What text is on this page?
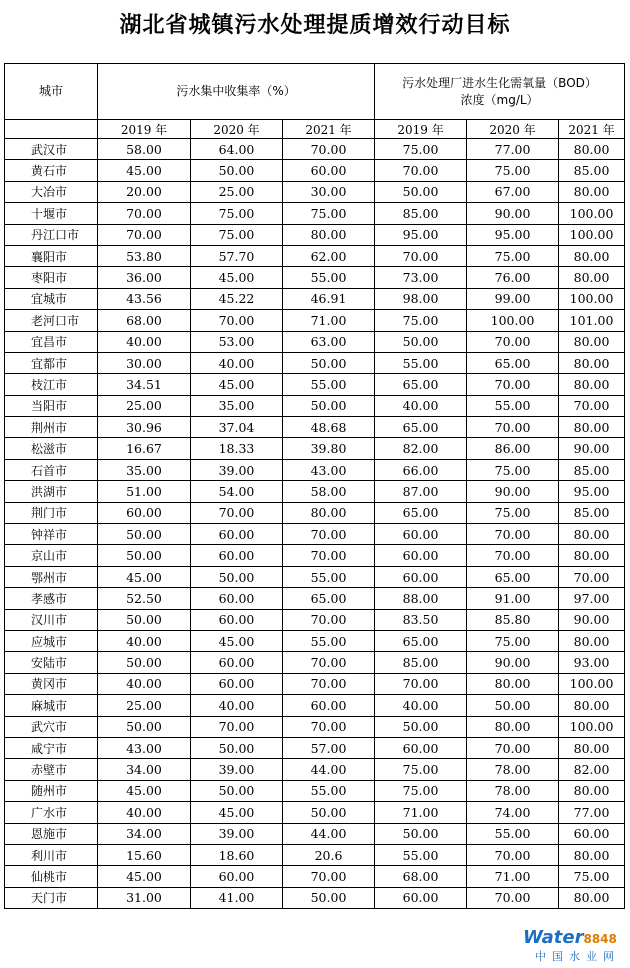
湖北省城镇污水处理提质增效行动目标
城市	污水集中收集率（%）			污水处理厂进水生化需氧量（BOD）
浓度（mg/L）		
	2019 年	2020 年	2021 年	2019 年	2020 年	2021 年
武汉市	58.00	64.00	70.00	75.00	77.00	80.00
黄石市	45.00	50.00	60.00	70.00	75.00	85.00
大冶市	20.00	25.00	30.00	50.00	67.00	80.00
十堰市	70.00	75.00	75.00	85.00	90.00	100.00
丹江口市	70.00	75.00	80.00	95.00	95.00	100.00
襄阳市	53.80	57.70	62.00	70.00	75.00	80.00
枣阳市	36.00	45.00	55.00	73.00	76.00	80.00
宜城市	43.56	45.22	46.91	98.00	99.00	100.00
老河口市	68.00	70.00	71.00	75.00	100.00	101.00
宜昌市	40.00	53.00	63.00	50.00	70.00	80.00
宜都市	30.00	40.00	50.00	55.00	65.00	80.00
枝江市	34.51	45.00	55.00	65.00	70.00	80.00
当阳市	25.00	35.00	50.00	40.00	55.00	70.00
荆州市	30.96	37.04	48.68	65.00	70.00	80.00
松滋市	16.67	18.33	39.80	82.00	86.00	90.00
石首市	35.00	39.00	43.00	66.00	75.00	85.00
洪湖市	51.00	54.00	58.00	87.00	90.00	95.00
荆门市	60.00	70.00	80.00	65.00	75.00	85.00
钟祥市	50.00	60.00	70.00	60.00	70.00	80.00
京山市	50.00	60.00	70.00	60.00	70.00	80.00
鄂州市	45.00	50.00	55.00	60.00	65.00	70.00
孝感市	52.50	60.00	65.00	88.00	91.00	97.00
汉川市	50.00	60.00	70.00	83.50	85.80	90.00
应城市	40.00	45.00	55.00	65.00	75.00	80.00
安陆市	50.00	60.00	70.00	85.00	90.00	93.00
黄冈市	40.00	60.00	70.00	70.00	80.00	100.00
麻城市	25.00	40.00	60.00	40.00	50.00	80.00
武穴市	50.00	70.00	70.00	50.00	80.00	100.00
咸宁市	43.00	50.00	57.00	60.00	70.00	80.00
赤壁市	34.00	39.00	44.00	75.00	78.00	82.00
随州市	45.00	50.00	55.00	75.00	78.00	80.00
广水市	40.00	45.00	50.00	71.00	74.00	77.00
恩施市	34.00	39.00	44.00	50.00	55.00	60.00
利川市	15.60	18.60	20.6	55.00	70.00	80.00
仙桃市	45.00	60.00	70.00	68.00	71.00	75.00
天门市	31.00	41.00	50.00	60.00	70.00	80.00
Water8848
中国水业网
